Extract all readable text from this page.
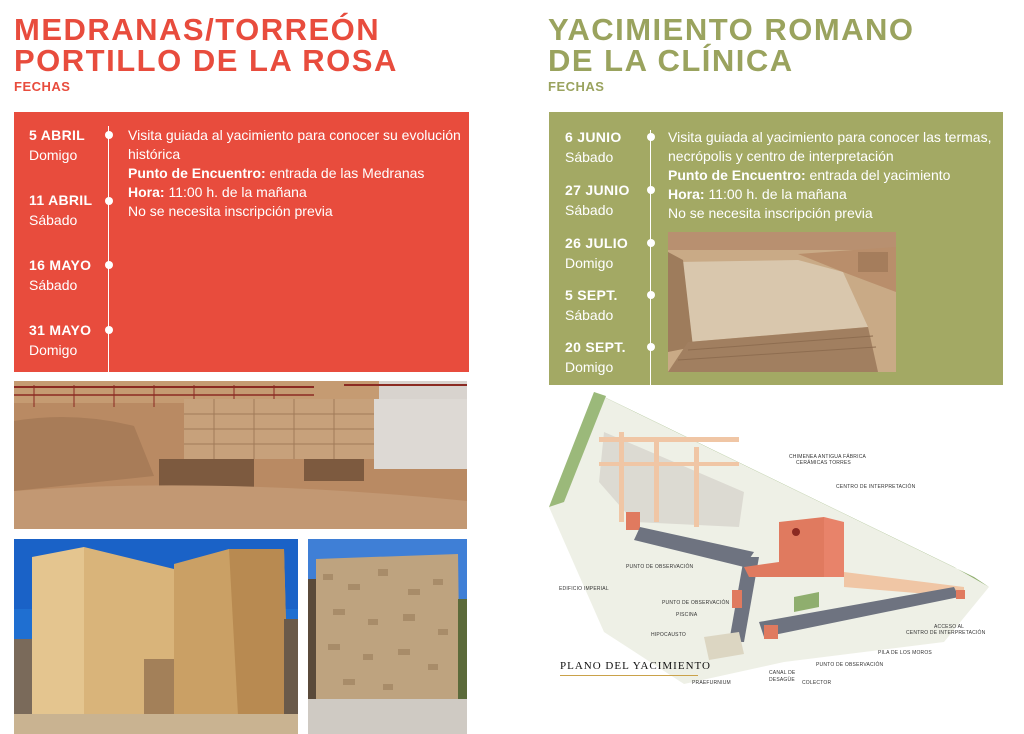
MEDRANAS/TORREÓN
PORTILLO DE LA ROSA
FECHAS
5 ABRIL
Domigo
11 ABRIL
Sábado
16 MAYO
Sábado
31 MAYO
Domigo

Visita guiada al yacimiento para conocer su evolución histórica

Punto de Encuentro: entrada de las Medranas

Hora: 11:00 h. de la mañana

No se necesita inscripción previa

YACIMIENTO ROMANO
DE LA CLÍNICA
FECHAS
6 JUNIO
Sábado
27 JUNIO
Sábado
26 JULIO
Domigo
5 SEPT.
Sábado
20 SEPT.
Domigo

Visita guiada al yacimiento para conocer las termas, necrópolis y centro de interpretación

Punto de Encuentro: entrada del yacimiento

Hora: 11:00 h. de la mañana

No se necesita inscripción previa

CHIMENEA ANTIGUA FÁBRICA
CERÁMICAS TORRES
CENTRO DE INTERPRETACIÓN
PUNTO DE OBSERVACIÓN
EDIFICIO IMPERIAL
PUNTO DE OBSERVACIÓN
PISCINA
HIPOCAUSTO
PRAEFURNIUM
CANAL DE
DESAGÜE COLECTOR
PUNTO DE OBSERVACIÓN
PILA DE LOS MOROS
ACCESO AL
CENTRO DE INTERPRETACIÓN
PLANO DEL YACIMIENTO
